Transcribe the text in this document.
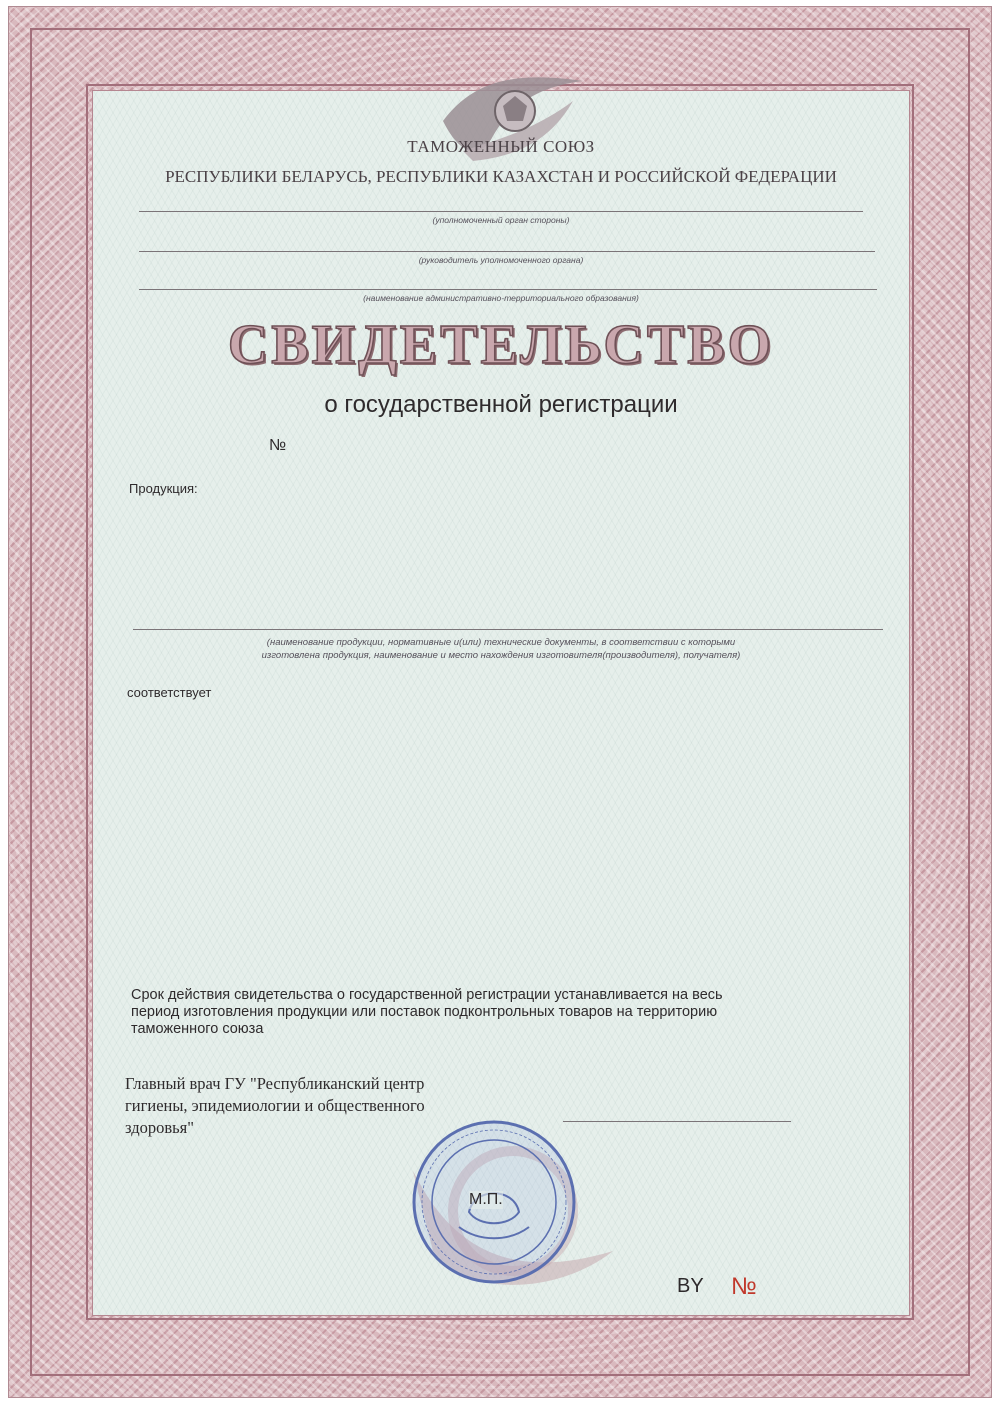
ТАМОЖЕННЫЙ СОЮЗ
РЕСПУБЛИКИ БЕЛАРУСЬ, РЕСПУБЛИКИ КАЗАХСТАН И РОССИЙСКОЙ ФЕДЕРАЦИИ
(уполномоченный орган стороны)
(руководитель уполномоченного органа)
(наименование административно-территориального образования)
СВИДЕТЕЛЬСТВО
о государственной регистрации
№
Продукция:
(наименование продукции, нормативные и(или) технические документы, в соответствии с которыми
изготовлена продукция, наименование и место нахождения изготовителя(производителя), получателя)
соответствует
Срок действия свидетельства о государственной регистрации устанавливается на весь
период изготовления продукции или поставок подконтрольных товаров на территорию
таможенного союза
Главный врач ГУ "Республиканский центр
гигиены, эпидемиологии и общественного
здоровья"
М.П.
BY №
